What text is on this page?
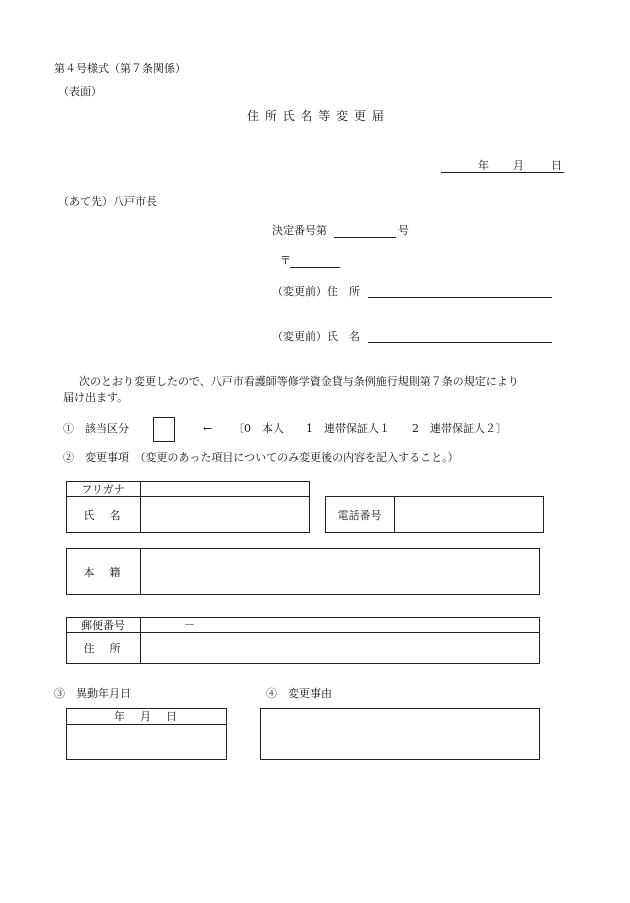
第４号様式（第７条関係）
（表面）
住 所 氏 名 等 変 更 届
年 月 日
（あて先）八戸市長
決定番号第	号
〒
（変更前）住　所
（変更前）氏　名
次のとおり変更したので、八戸市看護師等修学資金貸与条例施行規則第７条の規定により
届け出ます。
①　該当区分	← 〔0　本人　　1　連帯保証人１　　2　連帯保証人２〕
②　変更事項　（変更のあった項目についてのみ変更後の内容を記入すること。）
フリガナ
氏　名	電話番号
本　籍
郵便番号	－
住　所
③　異動年月日
年　月　日
④　変更事由
